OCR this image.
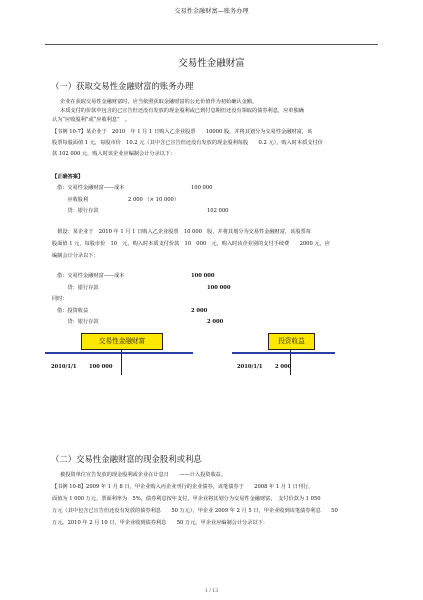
交易性金融财富—账务办理
交易性金融财富
（一）获取交易性金融财富的账务办理
企业在获取交易性金融财富时，应当依照获取金融财富的公允价值作为初始确认金额。
本质支付的价款中包含的已宣告但还没有发放的现金股利或已到付息期但还没有领取的债券利息，应单独确
认为“应收股利”或“应收利息”　。
【书例 10-7】某企业于　2010　年 1 月 1 日购入乙企业股票　　10000 股，并将其划分为交易性金融财富，该
股票每股面值 1 元，每股市价　10.2 元（其中含已宣告但还没有发放的现金股利每股　　0.2 元），购入时本质支付价
款 102 000 元，购入时该企业应编制会计分录以下：
【正确答案】
借：交易性金融财富——成本	100 000
　　应收股利	2 000 （× 10 000）
　　贷：银行存款	102 000
　假设：某企业于　2010 年 1 月 1 日购入乙企业股票　10 000　股，并将其划分为交易性金融财富，该股票每
股面值 1 元，每股市价　10　元，购入时本质支付价款　10　000　元，购入时该企业别的支付手续费　　2000 元，应
编制会计分录以下：
借：交易性金融财富——成本	100 000
　　贷：银行存款	100 000
同时：
借：投资收益	2 000
　　贷：银行存款	2 000
交易性金融财富
2010/1/1 100 000
投资收益
2010/1/1 2 000
（二）交易性金融财富的现金股利或利息
被投资单位宣告发放的现金股利或企业在计息日　　——计入投资收益。
【书例 10-8】2009 年 1 月 8 日，甲企业购入丙企业刊行的企业债券，该笔债券于　　2008 年 1 月 1 日刊行，
面值为 1 000 万元，票面利率为　5%，债券利息按年支付。甲企业将其划分为交易性金融财富，　支付价款为 1 050
万元（其中包含已宣告但还没有发放的债券利息　　50 万元），甲企业 2009 年 2 月 5 日，甲企业收到该笔债券利息　　50
万元。2010 年 2 月 10 日，甲企业收到债券利息　　50 万元。甲企业应编制会计分录以下：
1 / 13
